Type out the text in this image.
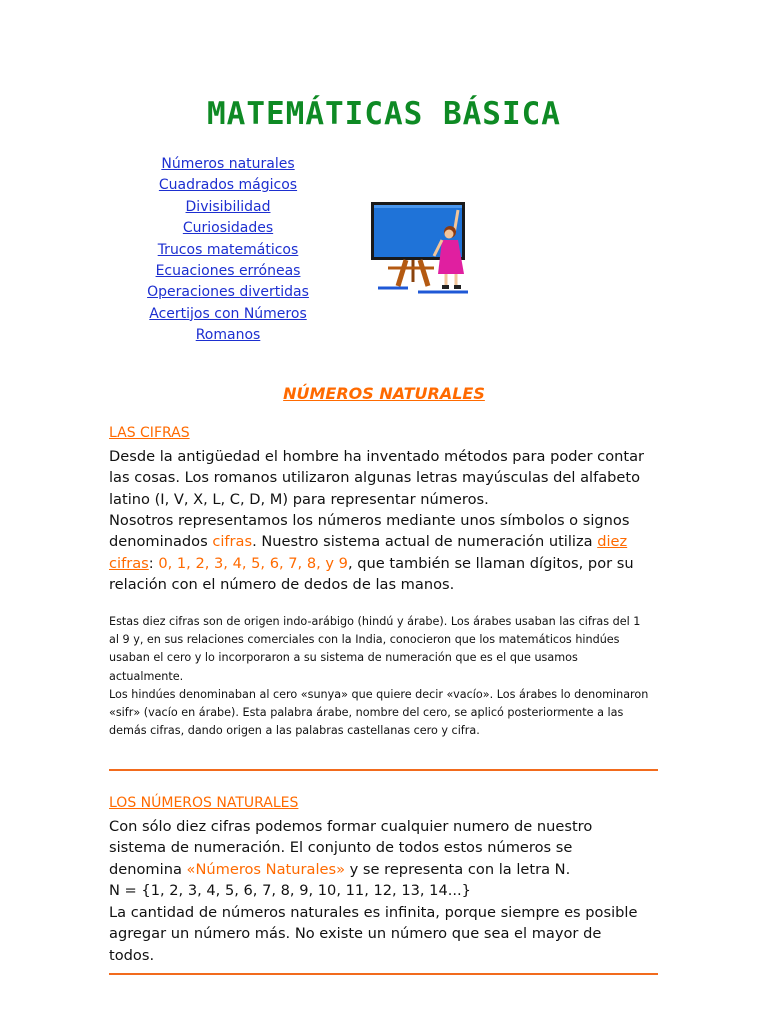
MATEMÁTICAS BÁSICA
Números naturales
Cuadrados mágicos
Divisibilidad
Curiosidades
Trucos matemáticos
Ecuaciones erróneas
Operaciones divertidas
Acertijos con Números
Romanos
NÚMEROS NATURALES
LAS CIFRAS

Desde la antigüedad el hombre ha inventado métodos para poder contar las cosas. Los romanos utilizaron algunas letras mayúsculas del alfabeto latino (I, V, X, L, C, D, M) para representar números.

Nosotros representamos los números mediante unos símbolos o signos denominados cifras. Nuestro sistema actual de numeración utiliza diez cifras: 0, 1, 2, 3, 4, 5, 6, 7, 8, y 9, que también se llaman dígitos, por su relación con el número de dedos de las manos.

Estas diez cifras son de origen indo-arábigo (hindú y árabe). Los árabes usaban las cifras del 1 al 9 y, en sus relaciones comerciales con la India, conocieron que los matemáticos hindúes usaban el cero y lo incorporaron a su sistema de numeración que es el que usamos actualmente.

Los hindúes denominaban al cero «sunya» que quiere decir «vacío». Los árabes lo denominaron «sifr» (vacío en árabe). Esta palabra árabe, nombre del cero, se aplicó posteriormente a las demás cifras, dando origen a las palabras castellanas cero y cifra.

LOS NÚMEROS NATURALES

Con sólo diez cifras podemos formar cualquier numero de nuestro sistema de numeración. El conjunto de todos estos números se denomina «Números Naturales» y se representa con la letra N.

N = {1, 2, 3, 4, 5, 6, 7, 8, 9, 10, 11, 12, 13, 14...}

La cantidad de números naturales es infinita, porque siempre es posible agregar un número más. No existe un número que sea el mayor de todos.
